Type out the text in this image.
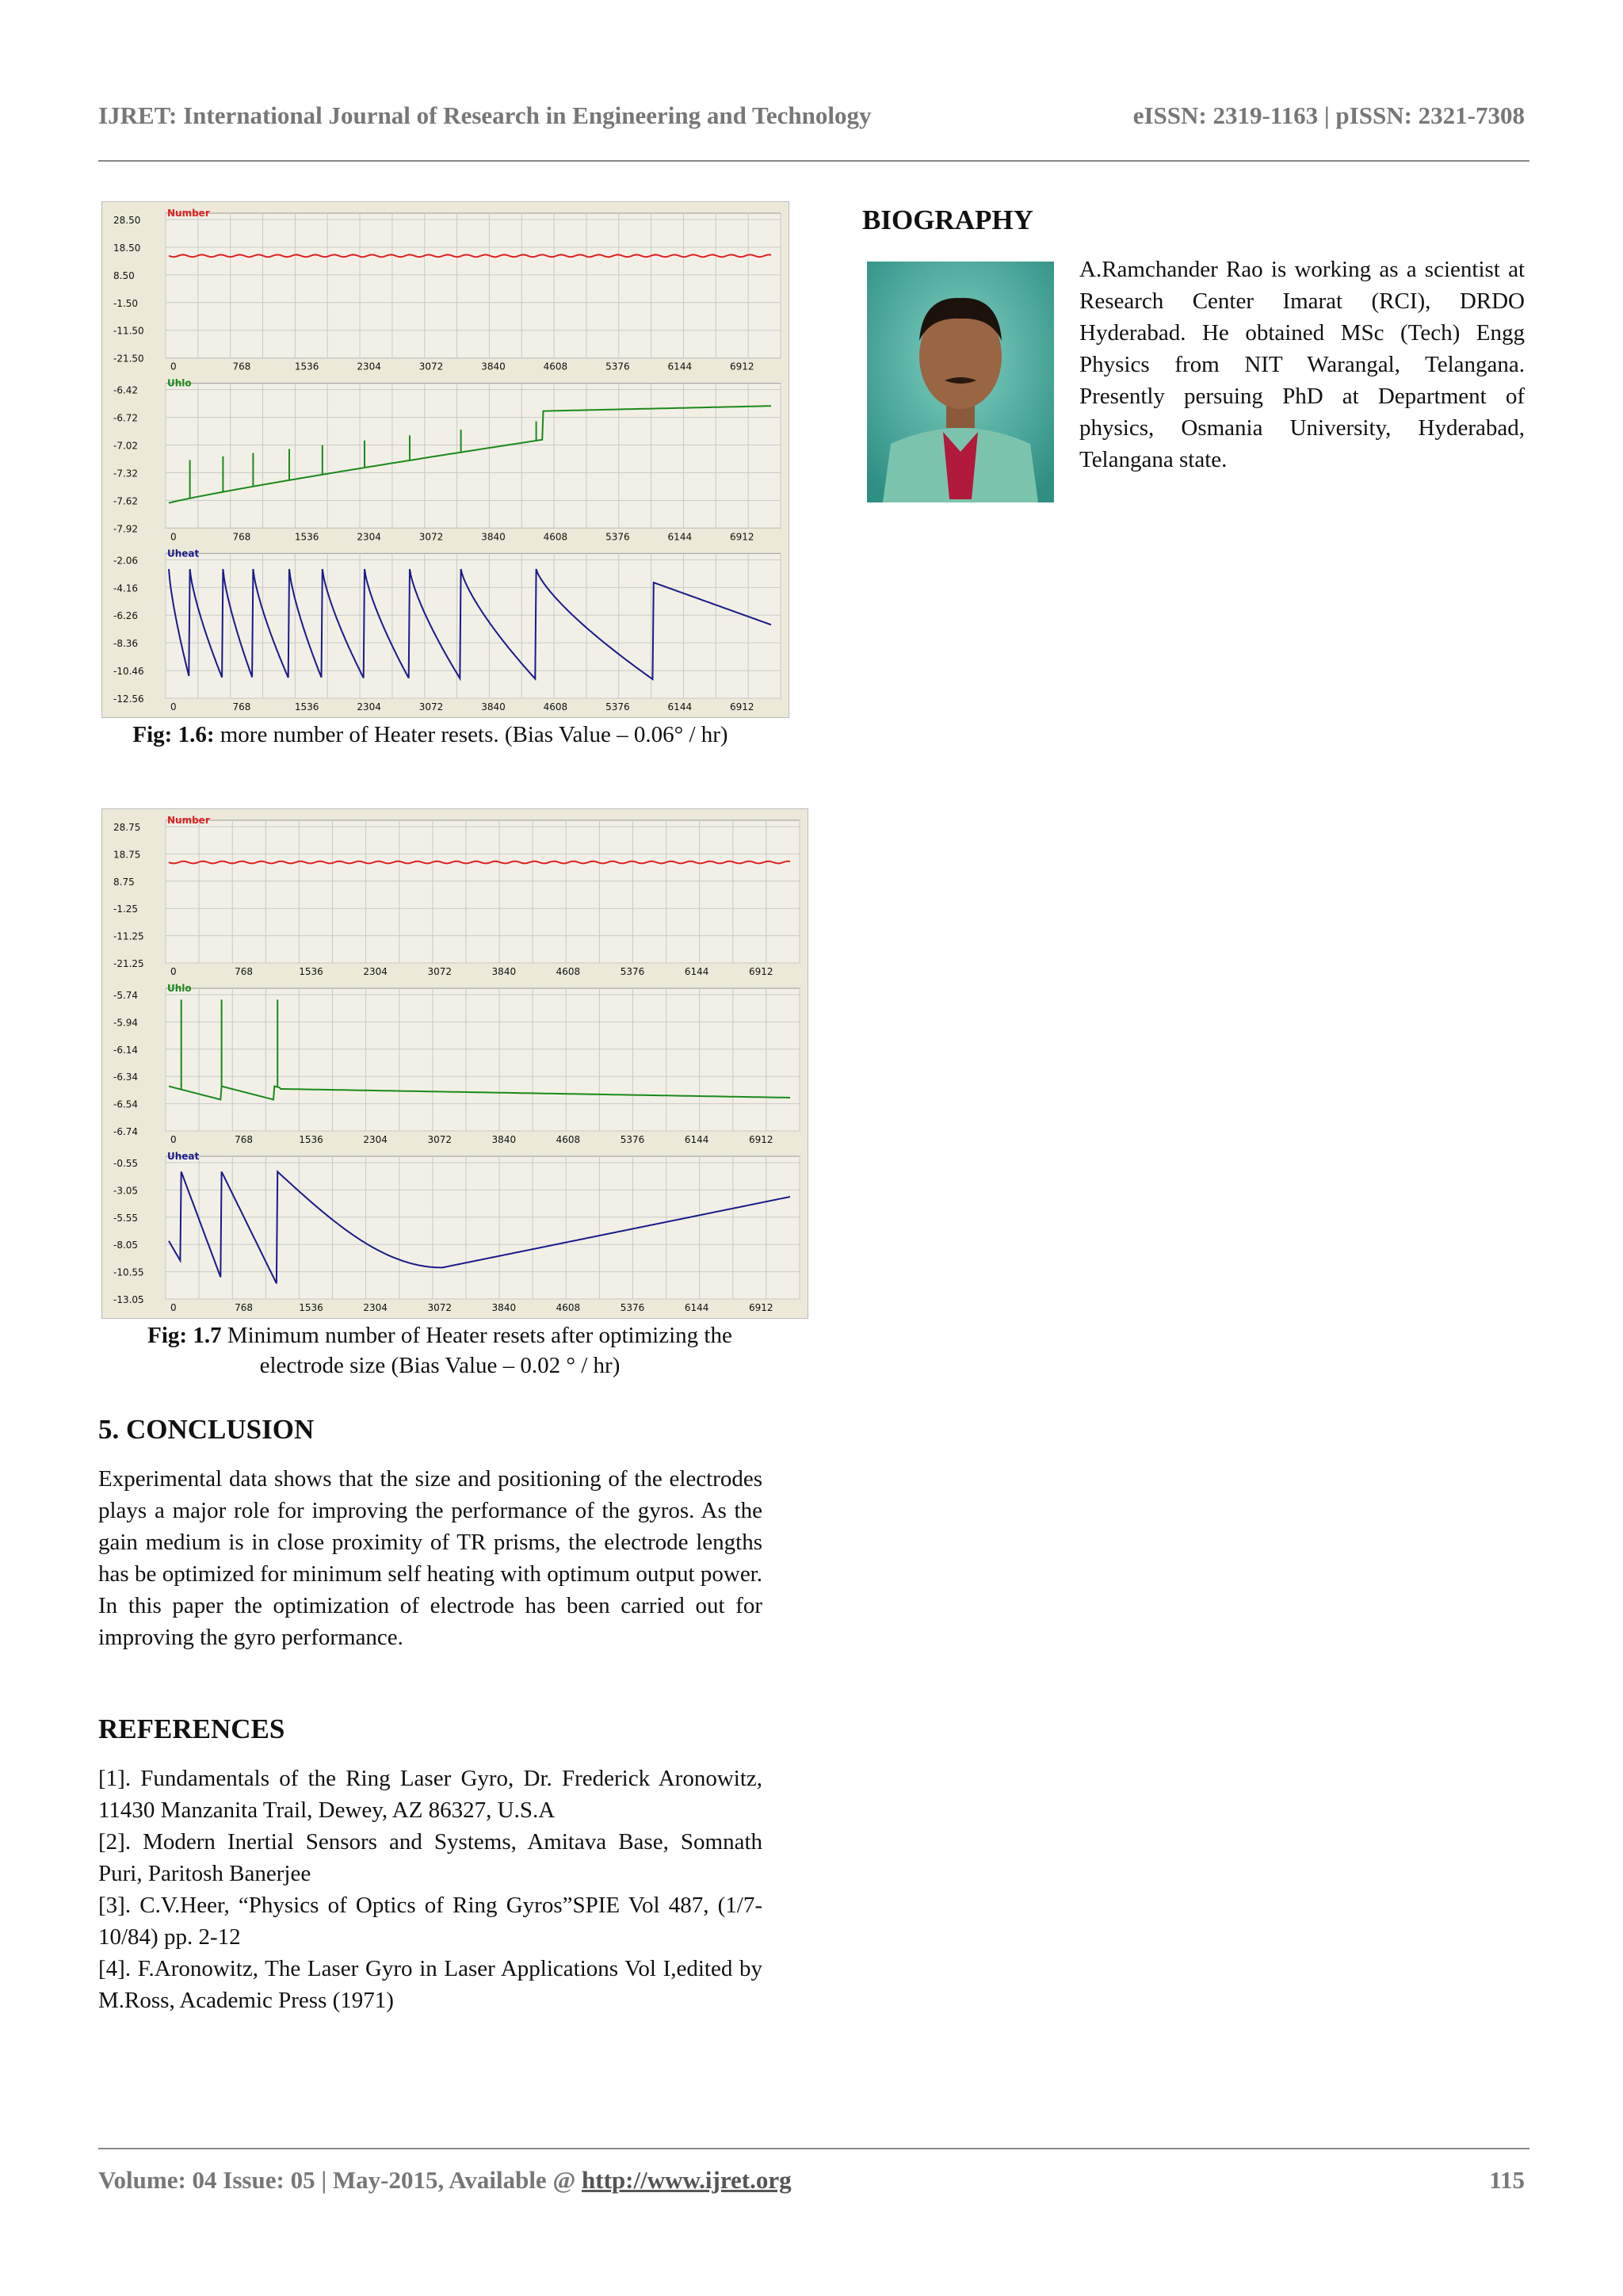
IJRET: International Journal of Research in Engineering and Technology	eISSN: 2319-1163 | pISSN: 2321-7308
28.50
18.50
8.50
-1.50
-11.50
-21.50
Number
0	768	1536	2304	3072	3840	4608	5376	6144	6912
-6.42
-6.72
-7.02
-7.32
-7.62
-7.92
Uhlo
0	768	1536	2304	3072	3840	4608	5376	6144	6912
-2.06
-4.16
-6.26
-8.36
-10.46
-12.56
Uheat
0	768	1536	2304	3072	3840	4608	5376	6144	6912
Fig: 1.6: more number of Heater resets. (Bias Value – 0.06° / hr)
28.75
18.75
8.75
-1.25
-11.25
-21.25
Number
0	768	1536	2304	3072	3840	4608	5376	6144	6912
-5.74
-5.94
-6.14
-6.34
-6.54
-6.74
Uhlo
0	768	1536	2304	3072	3840	4608	5376	6144	6912
-0.55
-3.05
-5.55
-8.05
-10.55
-13.05
Uheat
0	768	1536	2304	3072	3840	4608	5376	6144	6912
Fig: 1.7 Minimum number of Heater resets after optimizing the electrode size (Bias Value – 0.02 ° / hr)
5. CONCLUSION
Experimental data shows that the size and positioning of the electrodes plays a major role for improving the performance of the gyros. As the gain medium is in close proximity of TR prisms, the electrode lengths has be optimized for minimum self heating with optimum output power. In this paper the optimization of electrode has been carried out for improving the gyro performance.
REFERENCES

[1]. Fundamentals of the Ring Laser Gyro, Dr. Frederick Aronowitz, 11430 Manzanita Trail, Dewey, AZ 86327, U.S.A

[2]. Modern Inertial Sensors and Systems, Amitava Base, Somnath Puri, Paritosh Banerjee

[3]. C.V.Heer, “Physics of Optics of Ring Gyros”SPIE Vol 487, (1/7-10/84) pp. 2-12

[4]. F.Aronowitz, The Laser Gyro in Laser Applications Vol I,edited by M.Ross, Academic Press (1971)

BIOGRAPHY
A.Ramchander Rao is working as a scientist at Research Center Imarat (RCI), DRDO Hyderabad. He obtained MSc (Tech) Engg Physics from NIT Warangal, Telangana. Presently persuing PhD at Department of physics, Osmania University, Hyderabad, Telangana state.
Volume: 04 Issue: 05 | May-2015, Available @ http://www.ijret.org	115
